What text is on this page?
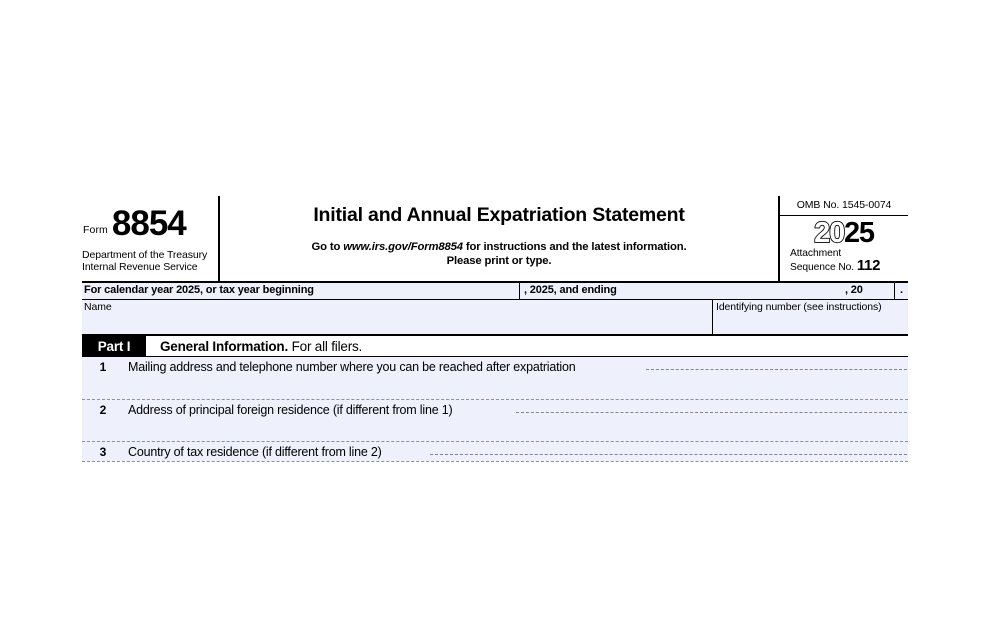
Form 8854
Department of the Treasury
Internal Revenue Service
Initial and Annual Expatriation Statement
Go to www.irs.gov/Form8854 for instructions and the latest information.
Please print or type.
OMB No. 1545-0074
2025
Attachment
Sequence No. 112
For calendar year 2025, or tax year beginning	, 2025, and ending	, 20	.
Name	Identifying number (see instructions)
Part I	General Information.
For all filers.
1 Mailing address and telephone number where you can be reached after expatriation
2 Address of principal foreign residence (if different from line 1)
3 Country of tax residence (if different from line 2)
